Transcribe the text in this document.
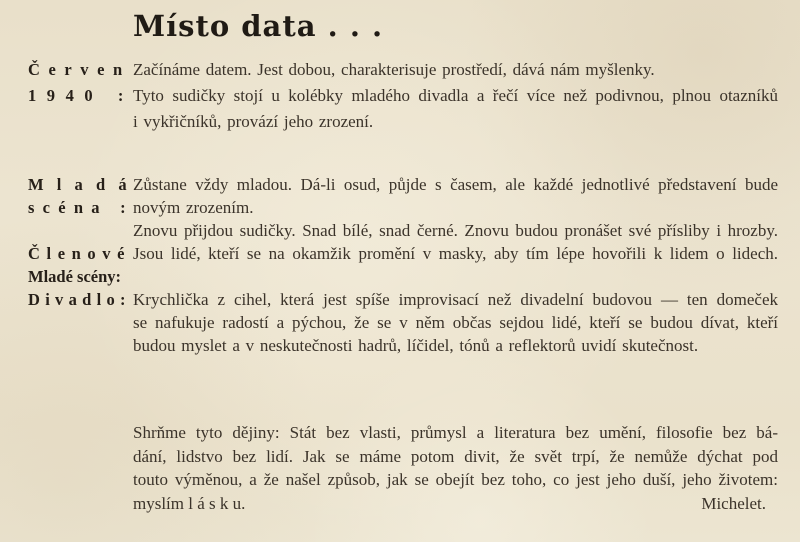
Místo data . . .
Červen Začínáme datem. Jest dobou, charakterisuje prostředí, dává nám myšlenky.
1940 : Tyto sudičky stojí u kolébky mladého divadla a řečí více než podivnou, plnou otazníků
i vykřičníků, provází jeho zrození.
Mladá
Zůstane vždy mladou. Dá-li osud, půjde s časem, ale každé jednotlivé představení bude
scéna : novým zrozením.
Znovu přijdou sudičky. Snad bílé, snad černé. Znovu budou pronášet své přísliby i hrozby.
Členové Jsou lidé, kteří se na okamžik promění v masky, aby tím lépe hovořili k lidem o lidech.
Mladé scény:
Divadlo: Krychlička z cihel, která jest spíše improvisací než divadelní budovou — ten domeček
se nafukuje radostí a pýchou, že se v něm občas sejdou lidé, kteří se budou dívat, kteří
budou myslet a v neskutečnosti hadrů, líčidel, tónů a reflektorů uvidí skutečnost.
Shrňme tyto dějiny: Stát bez vlasti, průmysl a literatura bez umění, filosofie bez bá-
dání, lidstvo bez lidí. Jak se máme potom divit, že svět trpí, že nemůže dýchat pod
touto výměnou, a že našel způsob, jak se obejít bez toho, co jest jeho duší, jeho životem:
myslím l á s k u.	Michelet.
